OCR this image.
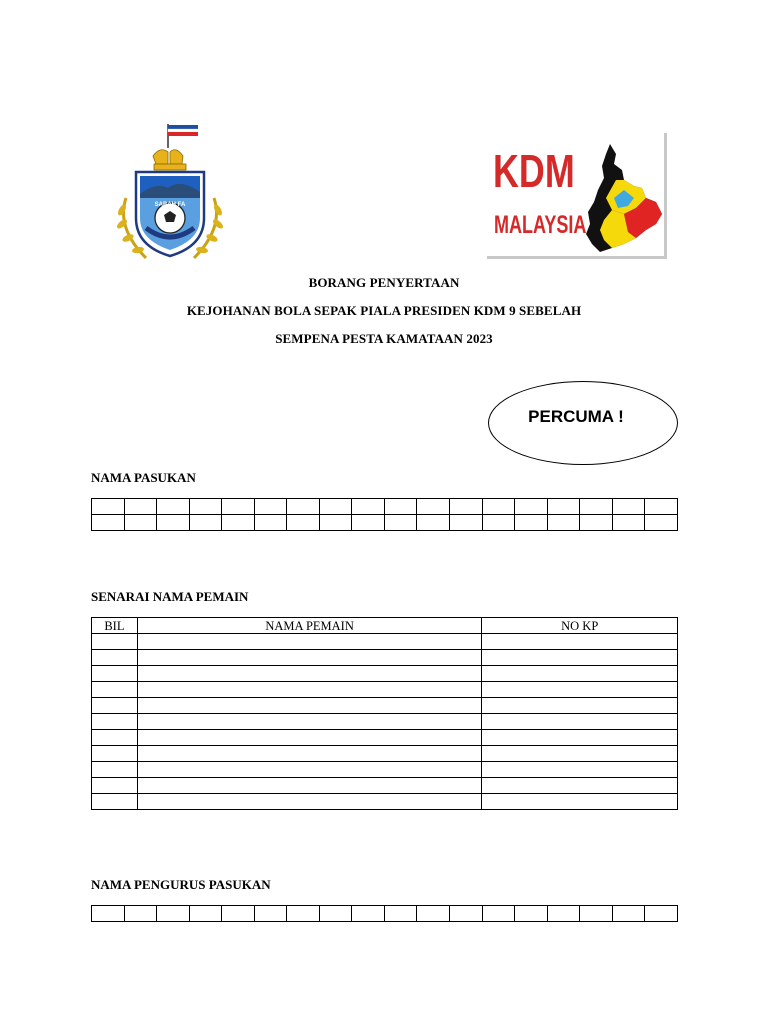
SABAH FA
KDM
MALAYSIA
BORANG PENYERTAAN
KEJOHANAN BOLA SEPAK PIALA PRESIDEN KDM 9 SEBELAH
SEMPENA PESTA KAMATAAN 2023
PERCUMA !
NAMA PASUKAN

SENARAI NAMA PEMAIN
BIL	NAMA PEMAIN	NO KP

NAMA PENGURUS PASUKAN
